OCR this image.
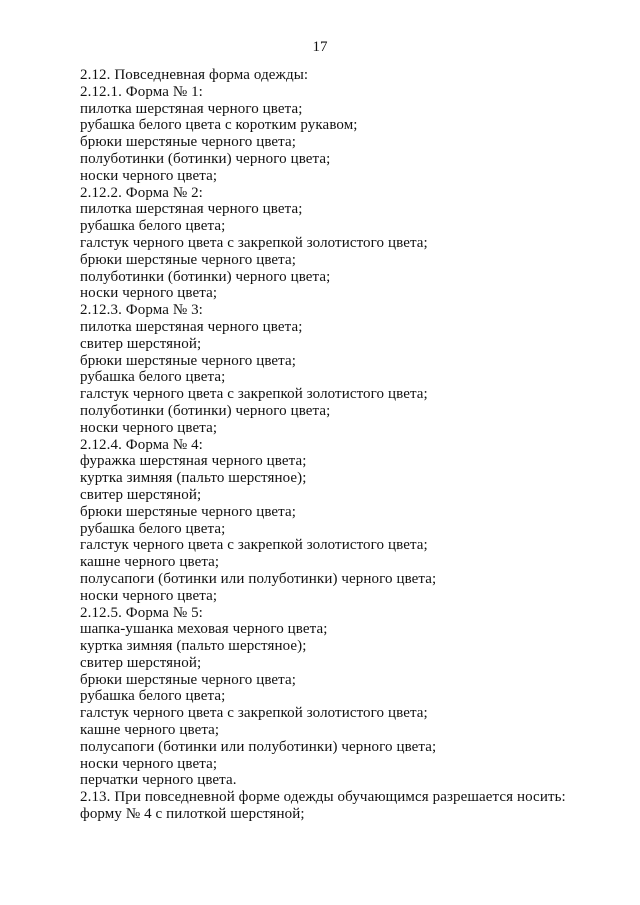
17
2.12. Повседневная форма одежды:
2.12.1. Форма № 1:
пилотка шерстяная черного цвета;
рубашка белого цвета с коротким рукавом;
брюки шерстяные черного цвета;
полуботинки (ботинки) черного цвета;
носки черного цвета;
2.12.2. Форма № 2:
пилотка шерстяная черного цвета;
рубашка белого цвета;
галстук черного цвета с закрепкой золотистого цвета;
брюки шерстяные черного цвета;
полуботинки (ботинки) черного цвета;
носки черного цвета;
2.12.3. Форма № 3:
пилотка шерстяная черного цвета;
свитер шерстяной;
брюки шерстяные черного цвета;
рубашка белого цвета;
галстук черного цвета с закрепкой золотистого цвета;
полуботинки (ботинки) черного цвета;
носки черного цвета;
2.12.4. Форма № 4:
фуражка шерстяная черного цвета;
куртка зимняя (пальто шерстяное);
свитер шерстяной;
брюки шерстяные черного цвета;
рубашка белого цвета;
галстук черного цвета с закрепкой золотистого цвета;
кашне черного цвета;
полусапоги (ботинки или полуботинки) черного цвета;
носки черного цвета;
2.12.5. Форма № 5:
шапка-ушанка меховая черного цвета;
куртка зимняя (пальто шерстяное);
свитер шерстяной;
брюки шерстяные черного цвета;
рубашка белого цвета;
галстук черного цвета с закрепкой золотистого цвета;
кашне черного цвета;
полусапоги (ботинки или полуботинки) черного цвета;
носки черного цвета;
перчатки черного цвета.
2.13. При повседневной форме одежды обучающимся разрешается носить:
форму № 4 с пилоткой шерстяной;
